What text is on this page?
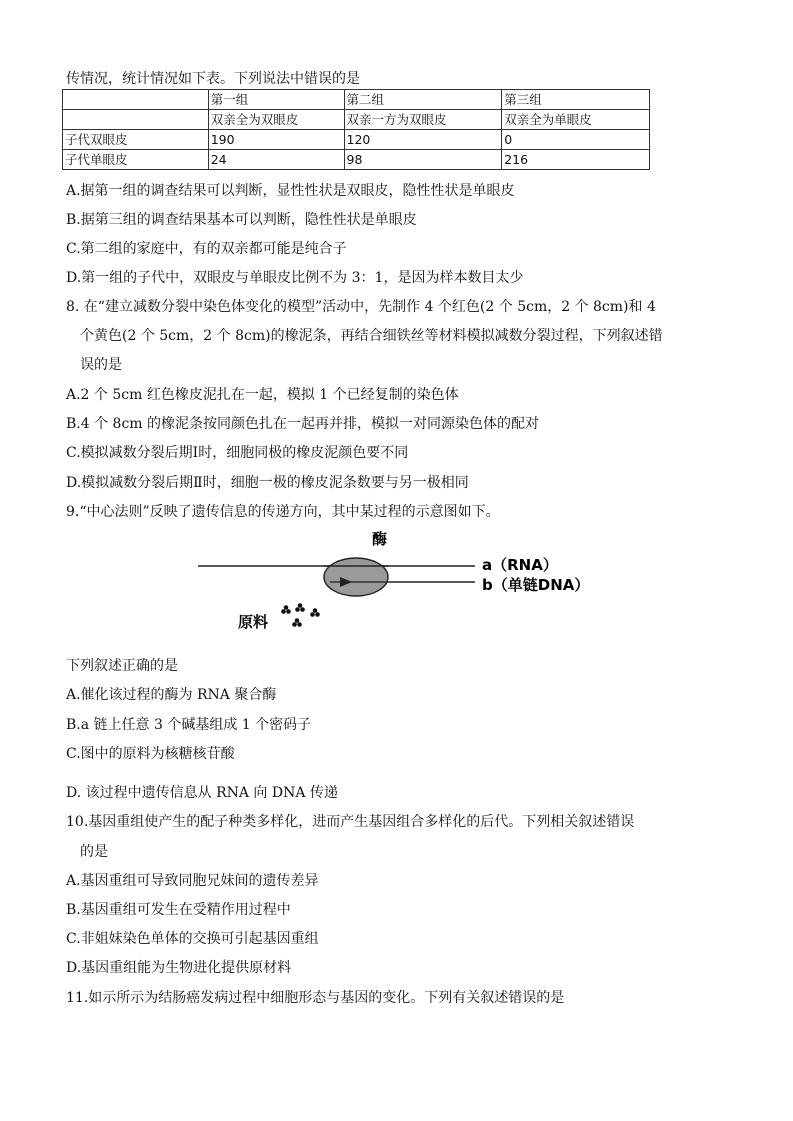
传情况，统计情况如下表。下列说法中错误的是
	第一组	第二组	第三组
	双亲全为双眼皮	双亲一方为双眼皮	双亲全为单眼皮
子代双眼皮	190	120	0
子代单眼皮	24	98	216
A.据第一组的调查结果可以判断，显性性状是双眼皮，隐性性状是单眼皮
B.据第三组的调查结果基本可以判断，隐性性状是单眼皮
C.第二组的家庭中，有的双亲都可能是纯合子
D.第一组的子代中，双眼皮与单眼皮比例不为 3：1，是因为样本数目太少
8. 在“建立减数分裂中染色体变化的模型”活动中，先制作 4 个红色(2 个 5cm，2 个 8cm)和 4
个黄色(2 个 5cm，2 个 8cm)的橡泥条，再结合细铁丝等材料模拟减数分裂过程，下列叙述错
误的是
A.2 个 5cm 红色橡皮泥扎在一起，模拟 1 个已经复制的染色体
B.4 个 8cm 的橡泥条按同颜色扎在一起再并排，模拟一对同源染色体的配对
C.模拟减数分裂后期Ⅰ时，细胞同极的橡皮泥颜色要不同
D.模拟减数分裂后期Ⅱ时，细胞一极的橡皮泥条数要与另一极相同
9.“中心法则”反映了遗传信息的传递方向，其中某过程的示意图如下。
酶
a（RNA）
b（单链DNA）
原料
下列叙述正确的是
A.催化该过程的酶为 RNA 聚合酶
B.a 链上任意 3 个碱基组成 1 个密码子
C.图中的原料为核糖核苷酸
D. 该过程中遗传信息从 RNA 向 DNA 传递
10.基因重组使产生的配子种类多样化，进而产生基因组合多样化的后代。下列相关叙述错误
的是
A.基因重组可导致同胞兄妹间的遗传差异
B.基因重组可发生在受精作用过程中
C.非姐妹染色单体的交换可引起基因重组
D.基因重组能为生物进化提供原材料
11.如示所示为结肠癌发病过程中细胞形态与基因的变化。下列有关叙述错误的是
